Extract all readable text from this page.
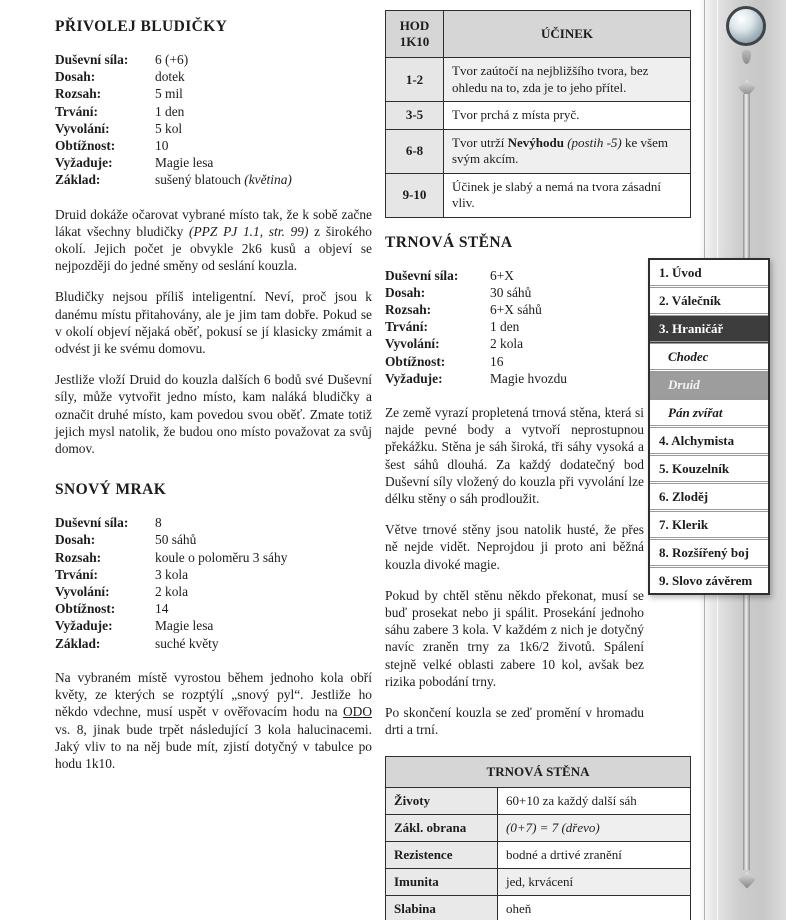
PŘIVOLEJ BLUDIČKY
Duševní síla: 6 (+6)
Dosah:	dotek
Rozsah:	5 mil
Trvání:	1 den
Vyvolání:	5 kol
Obtížnost:	10
Vyžaduje:	Magie lesa
Základ:	sušený blatouch (květina)

Druid dokáže očarovat vybrané místo tak, že k sobě začne lákat všechny bludičky (PPZ PJ 1.1, str. 99) z širokého okolí. Jejich počet je obvykle 2k6 kusů a objeví se nejpozději do jedné směny od seslání kouzla.

Bludičky nejsou příliš inteligentní. Neví, proč jsou k danému místu přitahovány, ale je jim tam dobře. Pokud se v okolí objeví nějaká oběť, pokusí se jí klasicky zmámit a odvést ji ke svému domovu.

Jestliže vloží Druid do kouzla dalších 6 bodů své Duševní síly, může vytvořit jedno místo, kam naláká bludičky a označit druhé místo, kam povedou svou oběť. Zmate totiž jejich mysl natolik, že budou ono místo považovat za svůj domov.

SNOVÝ MRAK
Duševní síla: 8
Dosah:	50 sáhů
Rozsah:	koule o poloměru 3 sáhy
Trvání:	3 kola
Vyvolání:	2 kola
Obtížnost:	14
Vyžaduje:	Magie lesa
Základ:	suché květy

Na vybraném místě vyrostou během jednoho kola obří květy, ze kterých se rozptýlí „snový pyl“. Jestliže ho někdo vdechne, musí uspět v ověřovacím hodu na ODO vs. 8, jinak bude trpět následující 3 kola halucinacemi. Jaký vliv to na něj bude mít, zjistí dotyčný v tabulce po hodu 1k10.

HOD 1K10	ÚČINEK
1-2	Tvor zaútočí na nejbližšího tvora, bez ohledu na to, zda je to jeho přítel.
3-5	Tvor prchá z místa pryč.
6-8	Tvor utrží Nevýhodu (postih -5) ke všem svým akcím.
9-10	Účinek je slabý a nemá na tvora zásadní vliv.
TRNOVÁ STĚNA
Duševní síla: 6+X
Dosah:	30 sáhů
Rozsah:	6+X sáhů
Trvání:	1 den
Vyvolání:	2 kola
Obtížnost:	16
Vyžaduje:	Magie hvozdu

Ze země vyrazí propletená trnová stěna, která si najde pevné body a vytvoří neprostupnou překážku. Stěna je sáh široká, tři sáhy vysoká a šest sáhů dlouhá. Za každý dodatečný bod Duševní síly vložený do kouzla při vyvolání lze délku stěny o sáh prodloužit.

Větve trnové stěny jsou natolik husté, že přes ně nejde vidět. Neprojdou ji proto ani běžná kouzla divoké magie.

Pokud by chtěl stěnu někdo překonat, musí se buď prosekat nebo ji spálit. Prosekání jednoho sáhu zabere 3 kola. V každém z nich je dotyčný navíc zraněn trny za 1k6/2 životů. Spálení stejně velké oblasti zabere 10 kol, avšak bez rizika pobodání trny.

Po skončení kouzla se zeď promění v hromadu drti a trní.

TRNOVÁ STĚNA	
Životy	60+10 za každý další sáh
Zákl. obrana	(0+7) = 7 (dřevo)
Rezistence	bodné a drtivé zranění
Imunita	jed, krvácení
Slabina	oheň
1. Úvod
2. Válečník
3. Hraničář
Chodec
Druid
Pán zvířat
4. Alchymista
5. Kouzelník
6. Zloděj
7. Klerik
8. Rozšířený boj
9. Slovo závěrem
